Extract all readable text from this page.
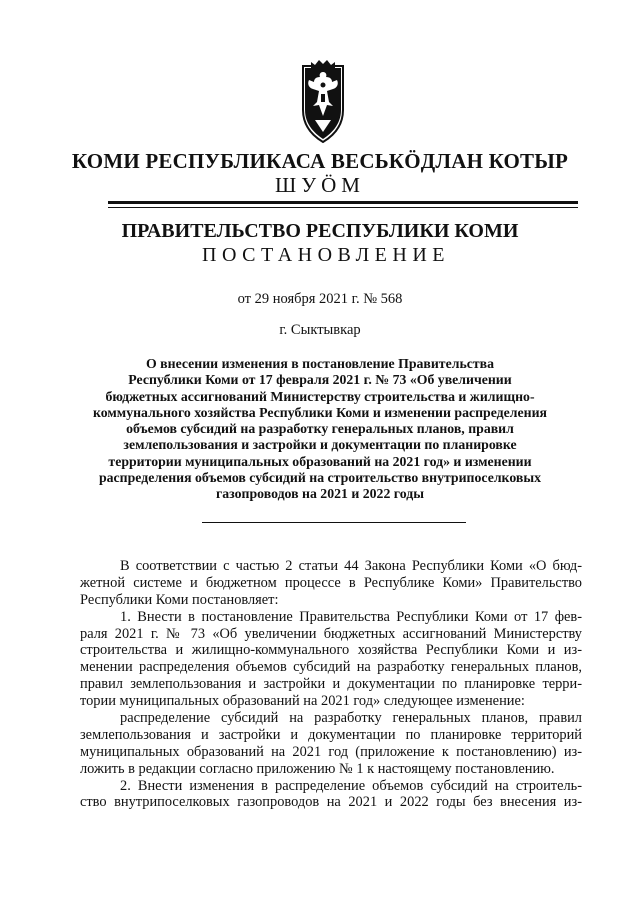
КОМИ РЕСПУБЛИКАСА ВЕСЬКӦДЛАН КОТЫР
ШУӦМ
ПРАВИТЕЛЬСТВО РЕСПУБЛИКИ КОМИ
ПОСТАНОВЛЕНИЕ
от 29 ноября 2021 г. № 568
г. Сыктывкар
О внесении изменения в постановление Правительства
Республики Коми от 17 февраля 2021 г. № 73 «Об увеличении
бюджетных ассигнований Министерству строительства и жилищно-
коммунального хозяйства Республики Коми и изменении распределения
объемов субсидий на разработку генеральных планов, правил
землепользования и застройки и документации по планировке
территории муниципальных образований на 2021 год» и изменении
распределения объемов субсидий на строительство внутрипоселковых
газопроводов на 2021 и 2022 годы
В соответствии с частью 2 статьи 44 Закона Республики Коми «О бюд-
жетной системе и бюджетном процессе в Республике Коми» Правительство
Республики Коми постановляет:
1. Внести в постановление Правительства Республики Коми от 17 фев-
раля 2021 г. № 73 «Об увеличении бюджетных ассигнований Министерству
строительства и жилищно-коммунального хозяйства Республики Коми и из-
менении распределения объемов субсидий на разработку генеральных планов,
правил землепользования и застройки и документации по планировке терри-
тории муниципальных образований на 2021 год» следующее изменение:
распределение субсидий на разработку генеральных планов, правил
землепользования и застройки и документации по планировке территорий
муниципальных образований на 2021 год (приложение к постановлению) из-
ложить в редакции согласно приложению № 1 к настоящему постановлению.
2. Внести изменения в распределение объемов субсидий на строитель-
ство внутрипоселковых газопроводов на 2021 и 2022 годы без внесения из-
